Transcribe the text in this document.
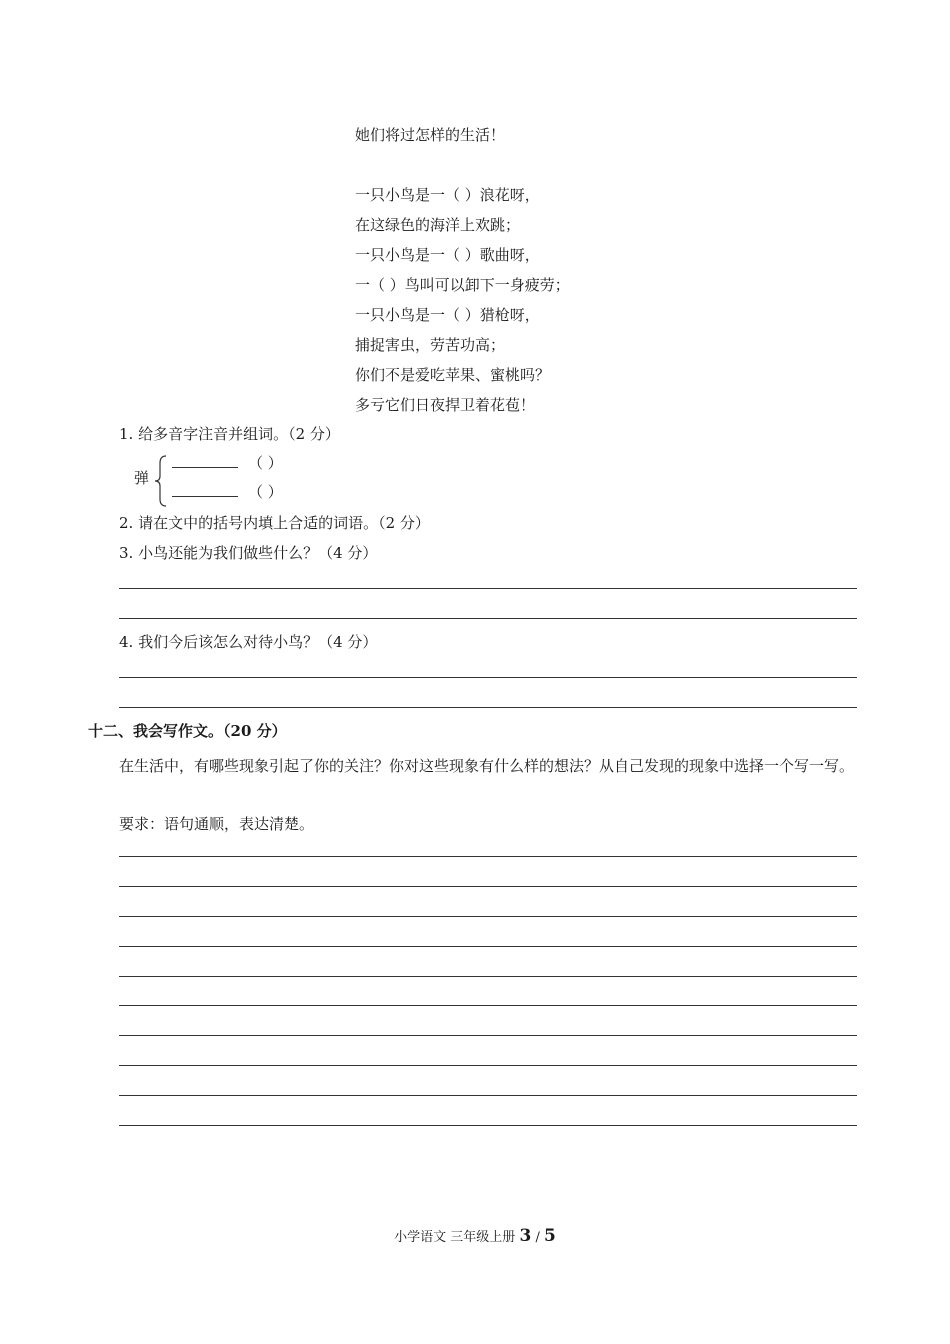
她们将过怎样的生活！
一只小鸟是一（ ）浪花呀，
在这绿色的海洋上欢跳；
一只小鸟是一（ ）歌曲呀，
一（ ）鸟叫可以卸下一身疲劳；
一只小鸟是一（ ）猎枪呀，
捕捉害虫，劳苦功高；
你们不是爱吃苹果、蜜桃吗？
多亏它们日夜捍卫着花苞！
1. 给多音字注音并组词。（2 分）
弹
（ ）
（ ）
2. 请在文中的括号内填上合适的词语。（2 分）
3. 小鸟还能为我们做些什么？（4 分）
4. 我们今后该怎么对待小鸟？（4 分）
十二、我会写作文。（20 分）
在生活中，有哪些现象引起了你的关注？你对这些现象有什么样的想法？从自己发现的现象中选择一个写一写。
要求：语句通顺，表达清楚。
小学语文 三年级上册 3 / 5
